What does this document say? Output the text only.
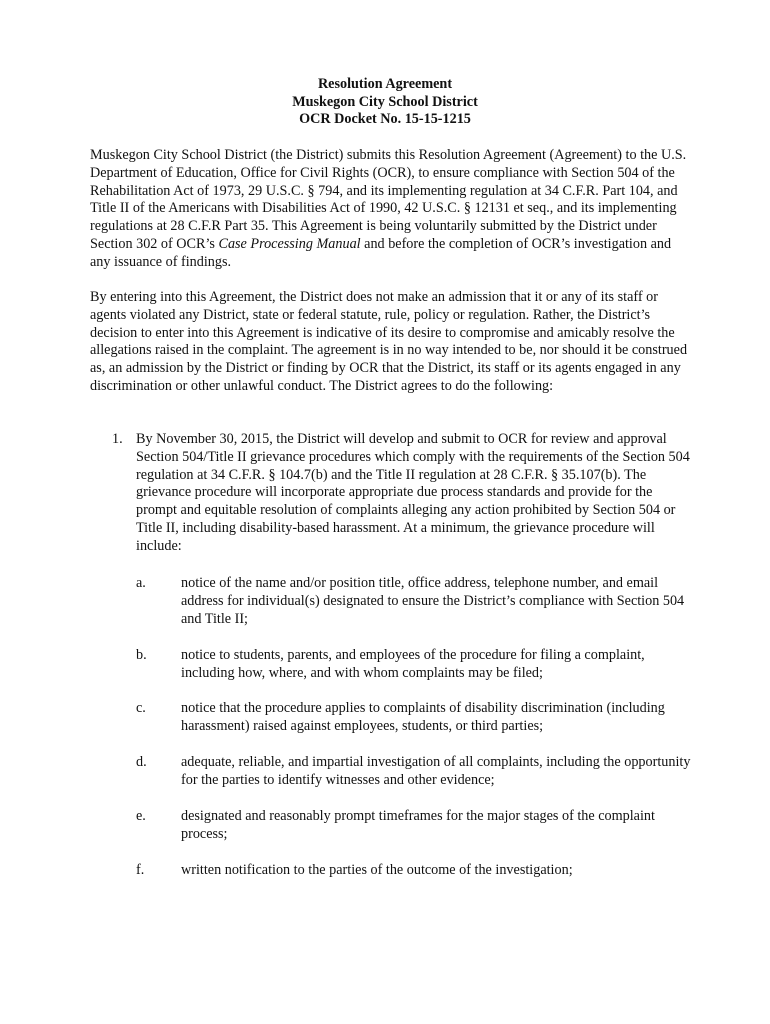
Resolution Agreement
Muskegon City School District
OCR Docket No. 15-15-1215

Muskegon City School District (the District) submits this Resolution Agreement (Agreement) to the U.S. Department of Education, Office for Civil Rights (OCR), to ensure compliance with Section 504 of the Rehabilitation Act of 1973, 29 U.S.C. § 794, and its implementing regulation at 34 C.F.R. Part 104, and Title II of the Americans with Disabilities Act of 1990, 42 U.S.C. § 12131 et seq., and its implementing regulations at 28 C.F.R Part 35. This Agreement is being voluntarily submitted by the District under Section 302 of OCR’s Case Processing Manual and before the completion of OCR’s investigation and any issuance of findings.

By entering into this Agreement, the District does not make an admission that it or any of its staff or agents violated any District, state or federal statute, rule, policy or regulation. Rather, the District’s decision to enter into this Agreement is indicative of its desire to compromise and amicably resolve the allegations raised in the complaint. The agreement is in no way intended to be, nor should it be construed as, an admission by the District or finding by OCR that the District, its staff or its agents engaged in any discrimination or other unlawful conduct. The District agrees to do the following:

1. By November 30, 2015, the District will develop and submit to OCR for review and approval Section 504/Title II grievance procedures which comply with the requirements of the Section 504 regulation at 34 C.F.R. § 104.7(b) and the Title II regulation at 28 C.F.R. § 35.107(b). The grievance procedure will incorporate appropriate due process standards and provide for the prompt and equitable resolution of complaints alleging any action prohibited by Section 504 or Title II, including disability-based harassment. At a minimum, the grievance procedure will include:
a. notice of the name and/or position title, office address, telephone number, and email address for individual(s) designated to ensure the District’s compliance with Section 504 and Title II;
b. notice to students, parents, and employees of the procedure for filing a complaint, including how, where, and with whom complaints may be filed;
c. notice that the procedure applies to complaints of disability discrimination (including harassment) raised against employees, students, or third parties;
d. adequate, reliable, and impartial investigation of all complaints, including the opportunity for the parties to identify witnesses and other evidence;
e. designated and reasonably prompt timeframes for the major stages of the complaint process;
f.	written notification to the parties of the outcome of the investigation;
